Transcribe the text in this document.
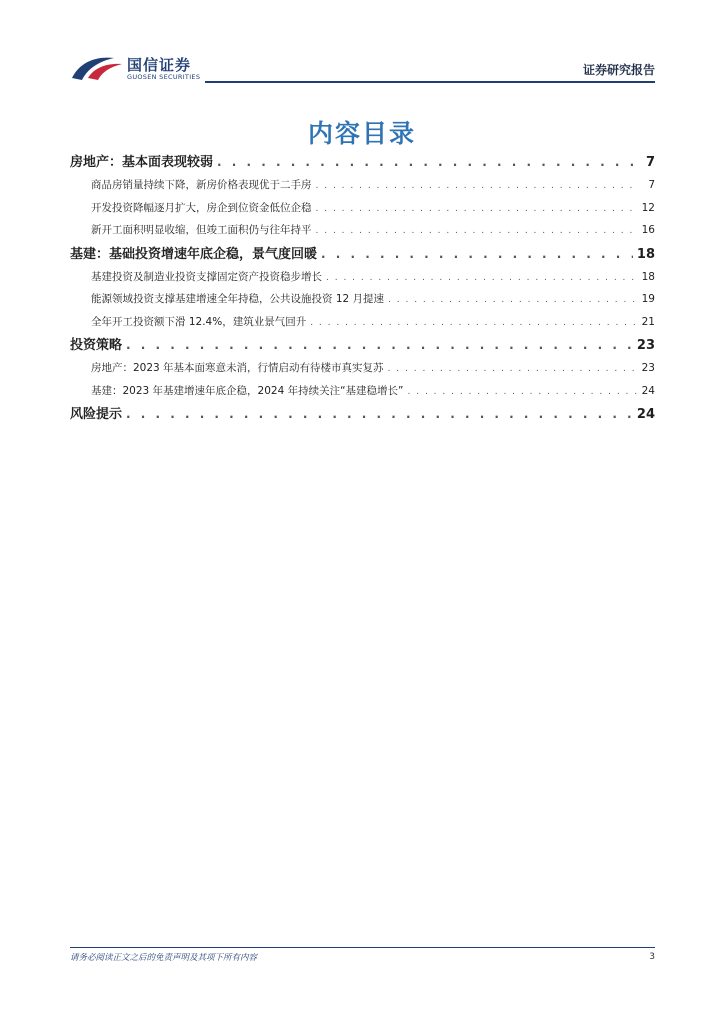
国信证券
GUOSEN SECURITIES	证券研究报告
内容目录
房地产：基本面表现较弱 . . .	7
商品房销量持续下降，新房价格表现优于二手房 . . .	7
开发投资降幅逐月扩大，房企到位资金低位企稳 . . .	12
新开工面积明显收缩，但竣工面积仍与往年持平 . . .	16
基建：基础投资增速年底企稳，景气度回暖 . . .	18
基建投资及制造业投资支撑固定资产投资稳步增长 . . .	18
能源领域投资支撑基建增速全年持稳，公共设施投资 12 月提速 . . .	19
全年开工投资额下滑 12.4%，建筑业景气回升 . . .	21
投资策略 . . .	23
房地产：2023 年基本面寒意未消，行情启动有待楼市真实复苏 . . .	23
基建：2023 年基建增速年底企稳，2024 年持续关注“基建稳增长” . . .	24
风险提示 . . .	24
请务必阅读正文之后的免责声明及其项下所有内容	3
